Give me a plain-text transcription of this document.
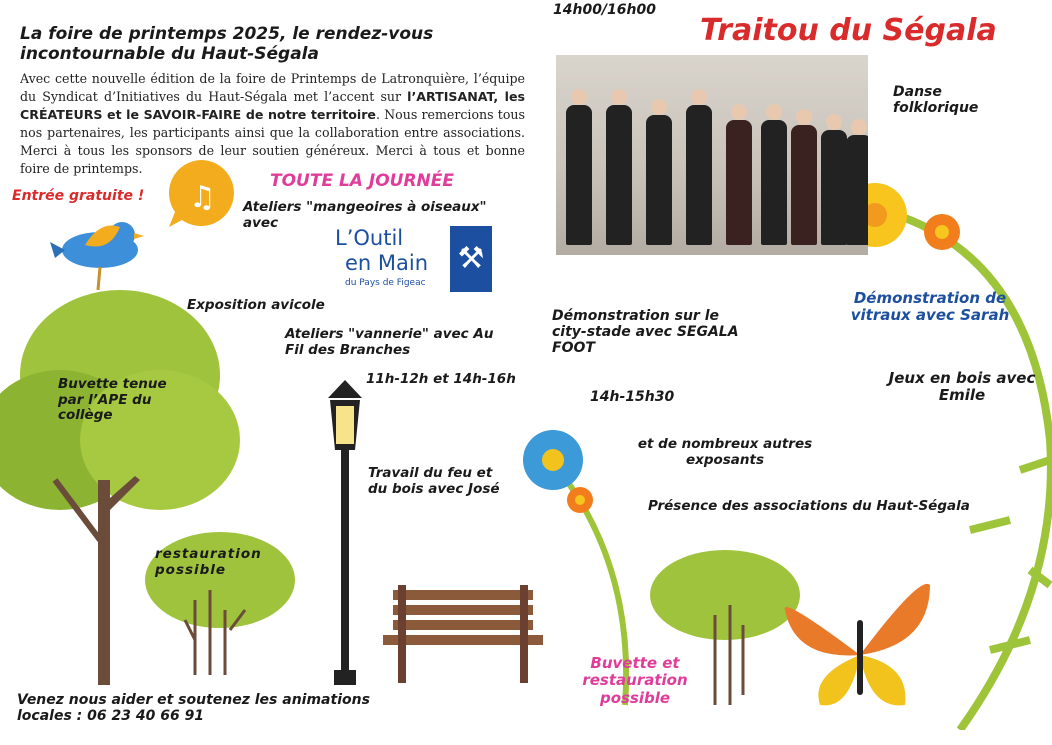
♫
La foire de printemps 2025, le rendez-vous incontournable du Haut-Ségala
Avec cette nouvelle édition de la foire de Printemps de Latronquière, l’équipe du Syndicat d’Initiatives du Haut-Ségala met l’accent sur l’ARTISANAT, les CRÉATEURS et le SAVOIR-FAIRE de notre territoire. Nous remercions tous nos partenaires, les participants ainsi que la collaboration entre associations. Merci à tous les sponsors de leur soutien généreux. Merci à tous et bonne foire de printemps.
Entrée gratuite !
TOUTE LA JOURNÉE
Ateliers "mangeoires à oiseaux" avec
L’Outil
en Main
du Pays de Figeac
⚒
Exposition avicole
Ateliers "vannerie" avec Au Fil des Branches
11h-12h et 14h-16h
Buvette tenue par l’APE du collège
Travail du feu et du bois avec José
restauration possible
Venez nous aider et soutenez les animations locales : 06 23 40 66 91
14h00/16h00
Traitou du Ségala
Danse folklorique
Démonstration de vitraux avec Sarah
Démonstration sur le city-stade avec SEGALA FOOT
14h-15h30
Jeux en bois avec Emile
et de nombreux autres exposants
Présence des associations du Haut-Ségala
Buvette et restauration possible
